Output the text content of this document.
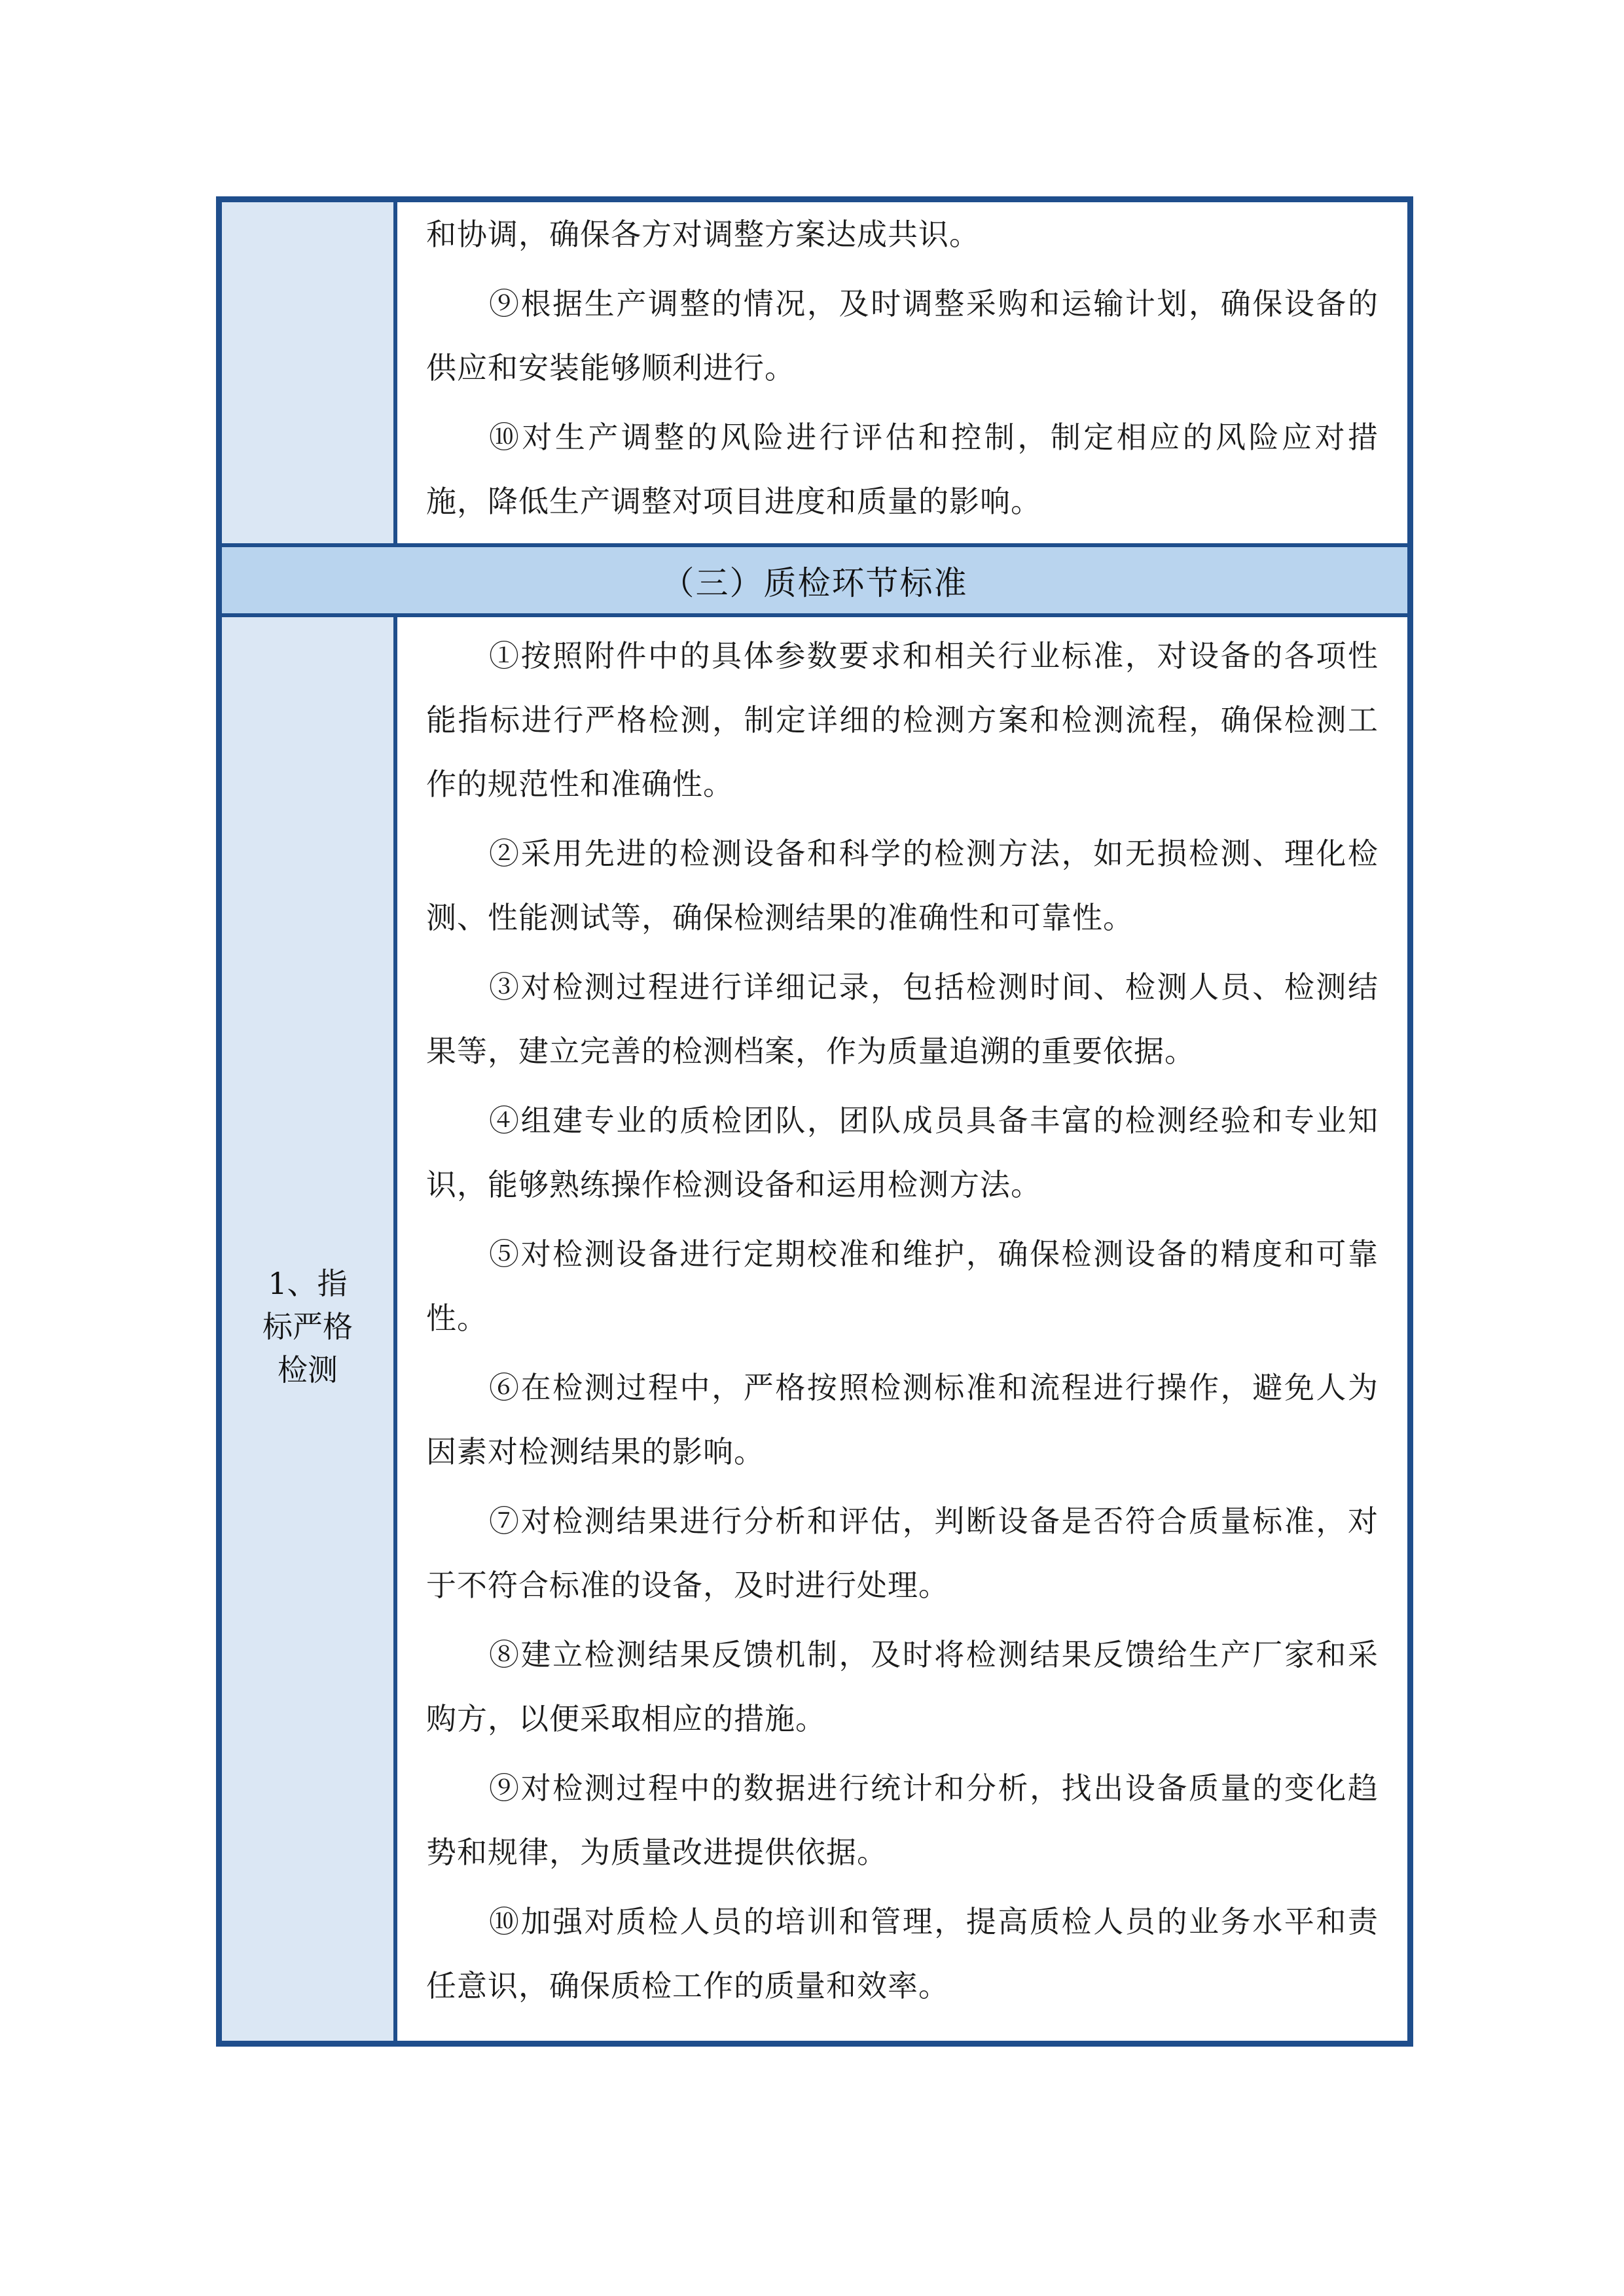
和协调，确保各方对调整方案达成共识。

⑨根据生产调整的情况，及时调整采购和运输计划，确保设备的供应和安装能够顺利进行。

⑩对生产调整的风险进行评估和控制，制定相应的风险应对措施，降低生产调整对项目进度和质量的影响。

（三）质检环节标准
1、指标严格检测

①按照附件中的具体参数要求和相关行业标准，对设备的各项性能指标进行严格检测，制定详细的检测方案和检测流程，确保检测工作的规范性和准确性。

②采用先进的检测设备和科学的检测方法，如无损检测、理化检测、性能测试等，确保检测结果的准确性和可靠性。

③对检测过程进行详细记录，包括检测时间、检测人员、检测结果等，建立完善的检测档案，作为质量追溯的重要依据。

④组建专业的质检团队，团队成员具备丰富的检测经验和专业知识，能够熟练操作检测设备和运用检测方法。

⑤对检测设备进行定期校准和维护，确保检测设备的精度和可靠性。

⑥在检测过程中，严格按照检测标准和流程进行操作，避免人为因素对检测结果的影响。

⑦对检测结果进行分析和评估，判断设备是否符合质量标准，对于不符合标准的设备，及时进行处理。

⑧建立检测结果反馈机制，及时将检测结果反馈给生产厂家和采购方，以便采取相应的措施。

⑨对检测过程中的数据进行统计和分析，找出设备质量的变化趋势和规律，为质量改进提供依据。

⑩加强对质检人员的培训和管理，提高质检人员的业务水平和责任意识，确保质检工作的质量和效率。
